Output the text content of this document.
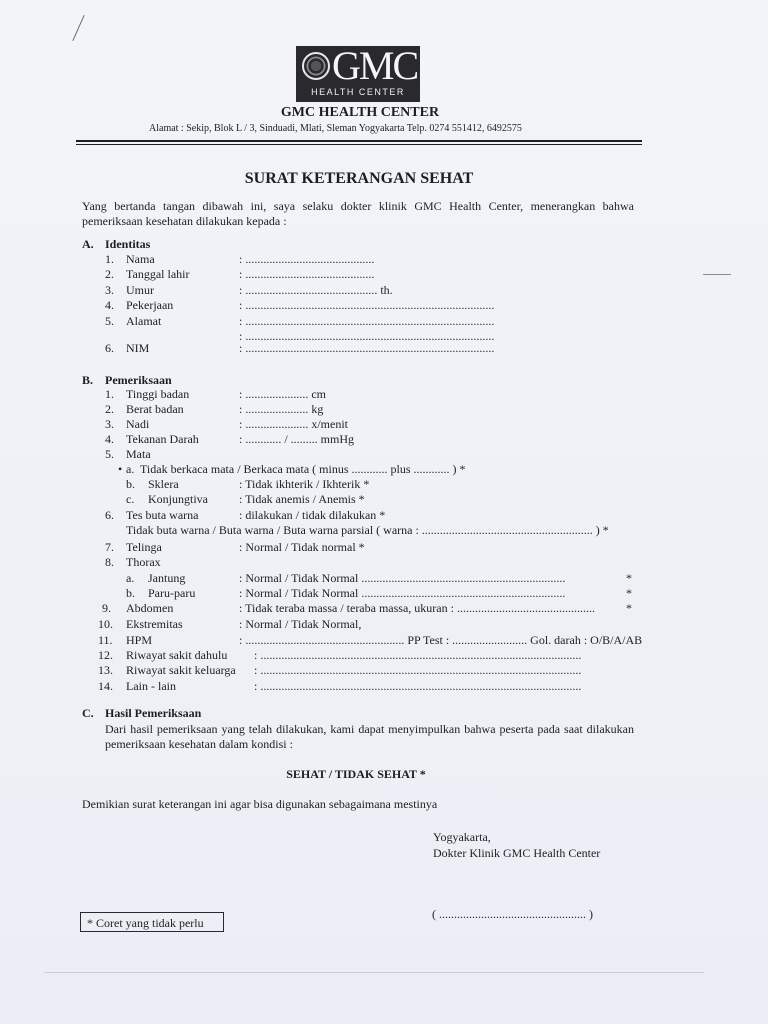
GMC
HEALTH CENTER
GMC HEALTH CENTER
Alamat : Sekip, Blok L / 3, Sinduadi, Mlati, Sleman Yogyakarta Telp. 0274 551412, 6492575
SURAT KETERANGAN SEHAT
Yang bertanda tangan dibawah ini, saya selaku dokter klinik GMC Health Center, menerangkan bahwa pemeriksaan kesehatan dilakukan kepada :
A. Identitas
1. Nama	: ...........................................
2. Tanggal lahir	: ...........................................
3. Umur	: ............................................ th.
4. Pekerjaan	: ...................................................................................
5. Alamat	: ...................................................................................
: ...................................................................................
6. NIM	: ...................................................................................
B. Pemeriksaan
1. Tinggi badan	: ..................... cm
2. Berat badan	: ..................... kg
3. Nadi	: ..................... x/menit
4. Tekanan Darah	: ............ / ......... mmHg
5. Mata
• a. Tidak berkaca mata / Berkaca mata ( minus ............ plus ............ ) *
b. Sklera	: Tidak ikhterik / Ikhterik *
c. Konjungtiva	: Tidak anemis / Anemis *
6. Tes buta warna	: dilakukan / tidak dilakukan *
Tidak buta warna / Buta warna / Buta warna parsial ( warna : ......................................................... ) *
7. Telinga	: Normal / Tidak normal *
8. Thorax
a. Jantung	: Normal / Tidak Normal ....................................................................	*
b. Paru-paru	: Normal / Tidak Normal ....................................................................	*
9. Abdomen	: Tidak teraba massa / teraba massa, ukuran : ..............................................	*
10. Ekstremitas	: Normal / Tidak Normal,
11. HPM	: ..................................................... PP Test : ......................... Gol. darah : O/B/A/AB
12. Riwayat sakit dahulu : ...........................................................................................................
13. Riwayat sakit keluarga : ...........................................................................................................
14. Lain - lain	: ...........................................................................................................
C. Hasil Pemeriksaan
Dari hasil pemeriksaan yang telah dilakukan, kami dapat menyimpulkan bahwa peserta pada saat dilakukan pemeriksaan kesehatan dalam kondisi :
SEHAT / TIDAK SEHAT *
Demikian surat keterangan ini agar bisa digunakan sebagaimana mestinya
Yogyakarta,
Dokter Klinik GMC Health Center
( ................................................. )
* Coret yang tidak perlu
